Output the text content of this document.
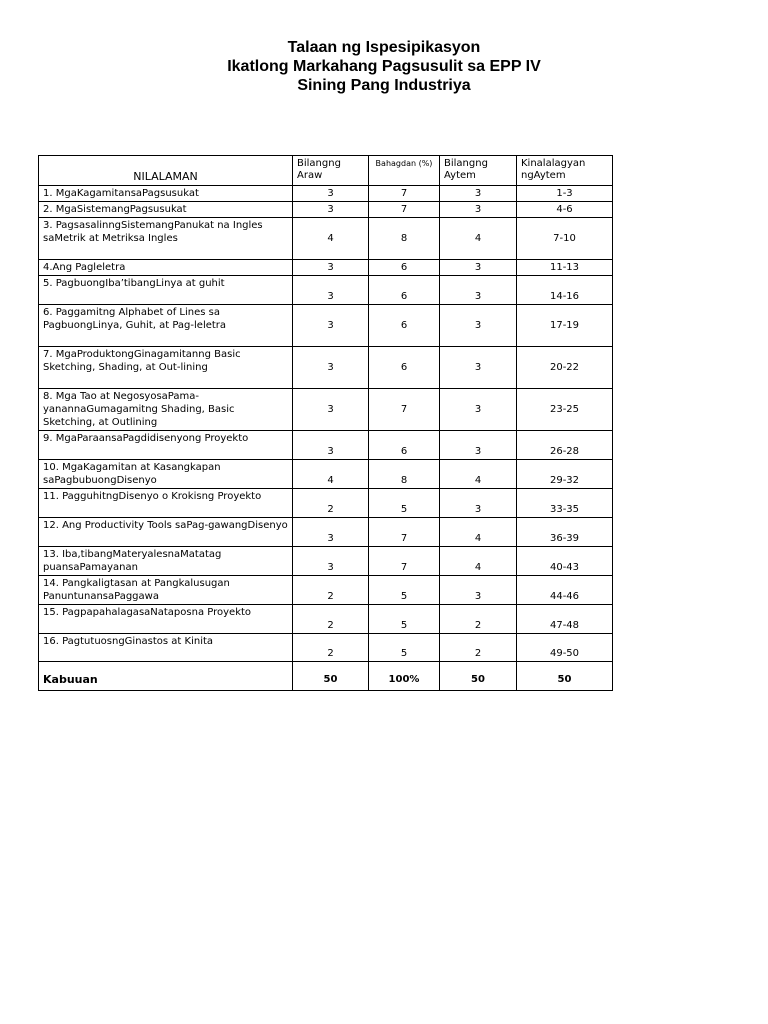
Talaan ng Ispesipikasyon
Ikatlong Markahang Pagsusulit sa EPP IV
Sining Pang Industriya
NILALAMAN	Bilangng Araw	Bahagdan (%)	Bilangng Aytem	Kinalalagyan ngAytem
1. MgaKagamitansaPagsusukat	3	7	3	1-3
2. MgaSistemangPagsusukat	3	7	3	4-6
3. PagsasalinngSistemangPanukat na Ingles saMetrik at Metriksa Ingles	4	8	4	7-10
4.Ang Pagleletra	3	6	3	11-13
5. PagbuongIba’tibangLinya at guhit	3	6	3	14-16
6. Paggamitng Alphabet of Lines sa PagbuongLinya, Guhit, at Pag-leletra	3	6	3	17-19
7. MgaProduktongGinagamitanng Basic Sketching, Shading, at Out-lining	3	6	3	20-22
8. Mga Tao at NegosyosaPama-yanannaGumagamitng Shading, Basic Sketching, at Outlining	3	7	3	23-25
9. MgaParaansaPagdidisenyong Proyekto	3	6	3	26-28
10. MgaKagamitan at Kasangkapan saPagbubuongDisenyo	4	8	4	29-32
11. PagguhitngDisenyo o Krokisng Proyekto	2	5	3	33-35
12. Ang Productivity Tools saPag-gawangDisenyo	3	7	4	36-39
13. Iba,tibangMateryalesnaMatatag puansaPamayanan	3	7	4	40-43
14. Pangkaligtasan at Pangkalusugan PanuntunansaPaggawa	2	5	3	44-46
15. PagpapahalagasaNataposna Proyekto	2	5	2	47-48
16. PagtutuosngGinastos at Kinita	2	5	2	49-50
Kabuuan	50	100%	50	50
